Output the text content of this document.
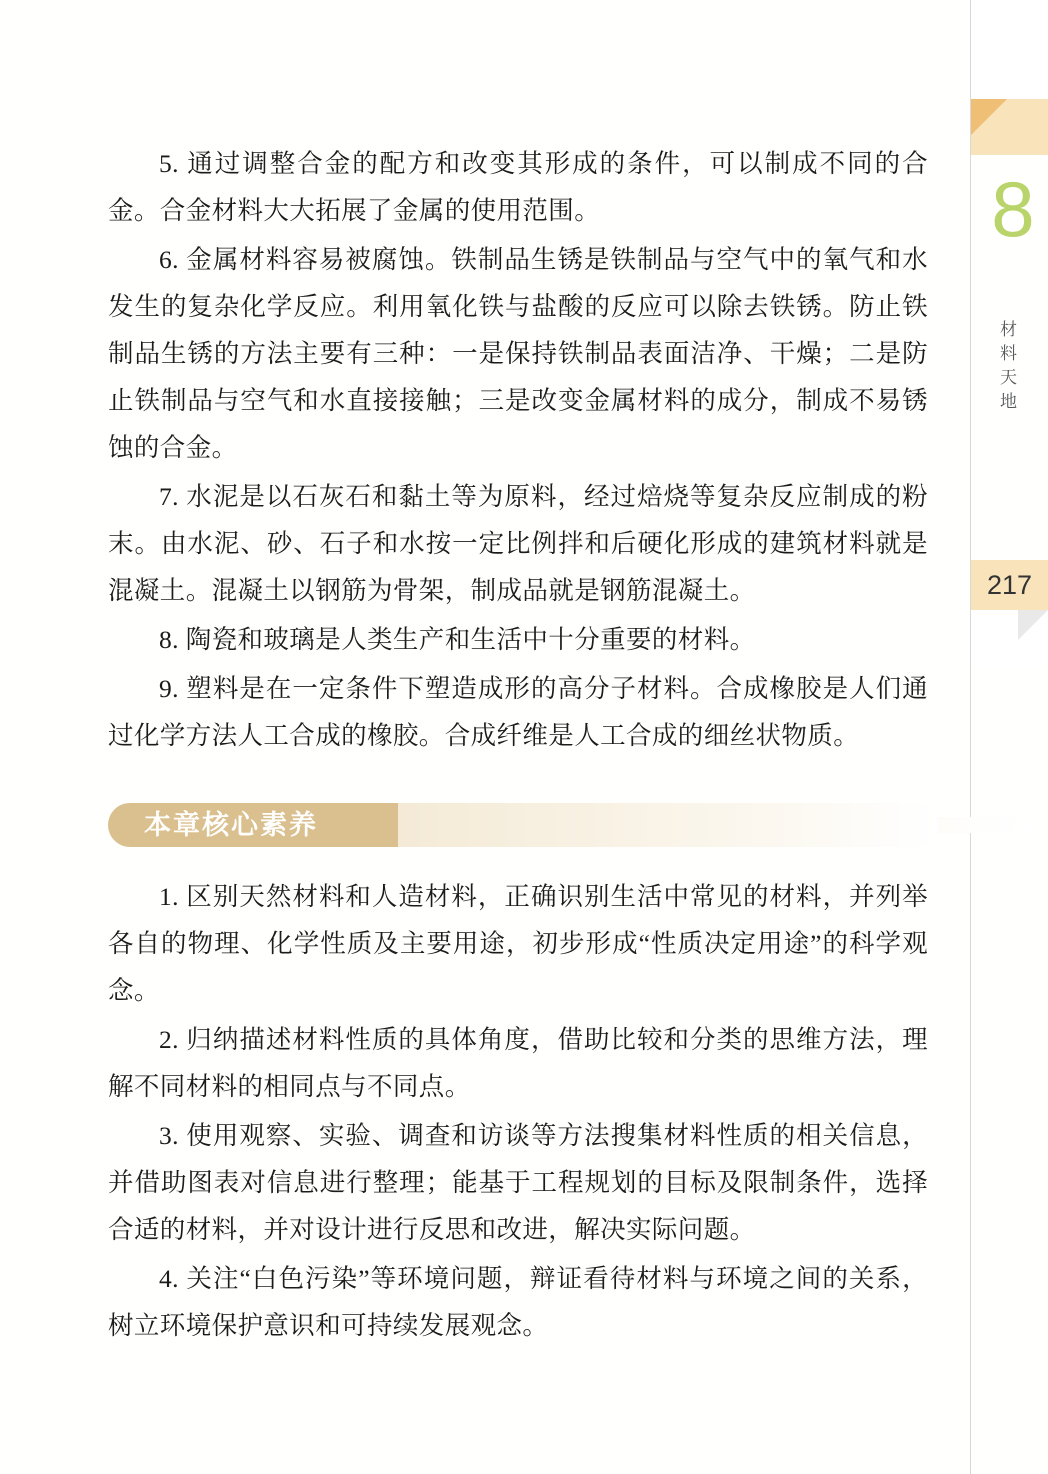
8
材
料
天
地
217

5. 通过调整合金的配方和改变其形成的条件，可以制成不同的合金。合金材料大大拓展了金属的使用范围。

6. 金属材料容易被腐蚀。铁制品生锈是铁制品与空气中的氧气和水发生的复杂化学反应。利用氧化铁与盐酸的反应可以除去铁锈。防止铁制品生锈的方法主要有三种：一是保持铁制品表面洁净、干燥；二是防止铁制品与空气和水直接接触；三是改变金属材料的成分，制成不易锈蚀的合金。

7. 水泥是以石灰石和黏土等为原料，经过焙烧等复杂反应制成的粉末。由水泥、砂、石子和水按一定比例拌和后硬化形成的建筑材料就是混凝土。混凝土以钢筋为骨架，制成品就是钢筋混凝土。

8. 陶瓷和玻璃是人类生产和生活中十分重要的材料。

9. 塑料是在一定条件下塑造成形的高分子材料。合成橡胶是人们通过化学方法人工合成的橡胶。合成纤维是人工合成的细丝状物质。

本章核心素养

1. 区别天然材料和人造材料，正确识别生活中常见的材料，并列举各自的物理、化学性质及主要用途，初步形成“性质决定用途”的科学观念。

2. 归纳描述材料性质的具体角度，借助比较和分类的思维方法，理解不同材料的相同点与不同点。

3. 使用观察、实验、调查和访谈等方法搜集材料性质的相关信息，并借助图表对信息进行整理；能基于工程规划的目标及限制条件，选择合适的材料，并对设计进行反思和改进，解决实际问题。

4. 关注“白色污染”等环境问题，辩证看待材料与环境之间的关系，树立环境保护意识和可持续发展观念。
